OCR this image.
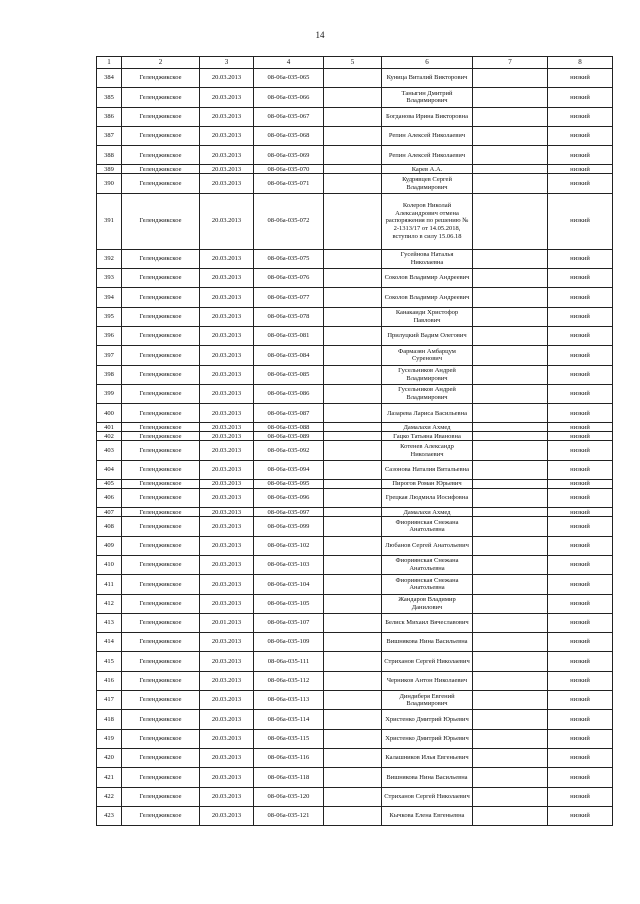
14
1	2	3	4	5	6	7	8
384	Геленджикское	20.03.2013	08-06а-035-065		Куница Виталий Викторович		низкий
385	Геленджикское	20.03.2013	08-06а-035-066		Таныгин Дмитрий Владимирович		низкий
386	Геленджикское	20.03.2013	08-06а-035-067		Богданова Ирина Викторовна		низкий
387	Геленджикское	20.03.2013	08-06а-035-068		Репин Алексей Николаевич		низкий
388	Геленджикское	20.03.2013	08-06а-035-069		Репин Алексей Николаевич		низкий
389	Геленджикское	20.03.2013	08-06а-035-070		Карев А.А.		низкий
390	Геленджикское	20.03.2013	08-06а-035-071		Кудрявцев Сергей Владимирович		низкий
391	Геленджикское	20.03.2013	08-06а-035-072		Колеров Николай Александрович отмена распоряжения по решению № 2-1313/17 от 14.05.2018, вступило в силу 15.06.18		низкий
392	Геленджикское	20.03.2013	08-06а-035-075		Гусейнова Наталья Николаевна		низкий
393	Геленджикское	20.03.2013	08-06а-035-076		Соколов Владимир Андреевич		низкий
394	Геленджикское	20.03.2013	08-06а-035-077		Соколов Владимир Андреевич		низкий
395	Геленджикское	20.03.2013	08-06а-035-078		Канакаиди Христофор Павлович		низкий
396	Геленджикское	20.03.2013	08-06а-035-081		Прилуцкий Вадим Олегович		низкий
397	Геленджикское	20.03.2013	08-06а-035-084		Фармазян Амбарцум Суренович		низкий
398	Геленджикское	20.03.2013	08-06а-035-085		Гусельников Андрей Владимирович		низкий
399	Геленджикское	20.03.2013	08-06а-035-086		Гусельников Андрей Владимирович		низкий
400	Геленджикское	20.03.2013	08-06а-035-087		Лазарева Лариса Васильевна		низкий
401	Геленджикское	20.03.2013	08-06а-035-088		Дамалахи Ахмед		низкий
402	Геленджикское	20.03.2013	08-06а-035-089		Гацко Татьяна Ивановна		низкий
403	Геленджикское	20.03.2013	08-06а-035-092		Котенев Александр Николаевич		низкий
404	Геленджикское	20.03.2013	08-06а-035-094		Сазонова Наталия Витальевна		низкий
405	Геленджикское	20.03.2013	08-06а-035-095		Пирогов Роман Юрьевич		низкий
406	Геленджикское	20.03.2013	08-06а-035-096		Грецкая Людмила Иосифовна		низкий
407	Геленджикское	20.03.2013	08-06а-035-097		Дамалахи Ахмед		низкий
408	Геленджикское	20.03.2013	08-06а-035-099		Фиориянская Снежана Анатольевна		низкий
409	Геленджикское	20.03.2013	08-06а-035-102		Любанов Сергей Анатольевич		низкий
410	Геленджикское	20.03.2013	08-06а-035-103		Фиориянская Снежана Анатольевна		низкий
411	Геленджикское	20.03.2013	08-06а-035-104		Фиориянская Снежана Анатольевна		низкий
412	Геленджикское	20.03.2013	08-06а-035-105		Жандаров Владимир Данилович		низкий
413	Геленджикское	20.01.2013	08-06а-035-107		Белиск Михаил Вячеславович		низкий
414	Геленджикское	20.03.2013	08-06а-035-109		Вишнякова Нина Васильевна		низкий
415	Геленджикское	20.03.2013	08-06а-035-111		Стриханов Сергей Николаевич		низкий
416	Геленджикское	20.03.2013	08-06а-035-112		Черников Антон Николаевич		низкий
417	Геленджикское	20.03.2013	08-06а-035-113		Диндиберя Евгений Владимирович		низкий
418	Геленджикское	20.03.2013	08-06а-035-114		Христенко Дмитрий Юрьевич		низкий
419	Геленджикское	20.03.2013	08-06а-035-115		Христенко Дмитрий Юрьевич		низкий
420	Геленджикское	20.03.2013	08-06а-035-116		Калашников Илья Евгеньевич		низкий
421	Геленджикское	20.03.2013	08-06а-035-118		Вишнякова Нина Васильевна		низкий
422	Геленджикское	20.03.2013	08-06а-035-120		Стриханов Сергей Николаевич		низкий
423	Геленджикское	20.03.2013	08-06а-035-121		Кычкова Елена Евгеньевна		низкий
